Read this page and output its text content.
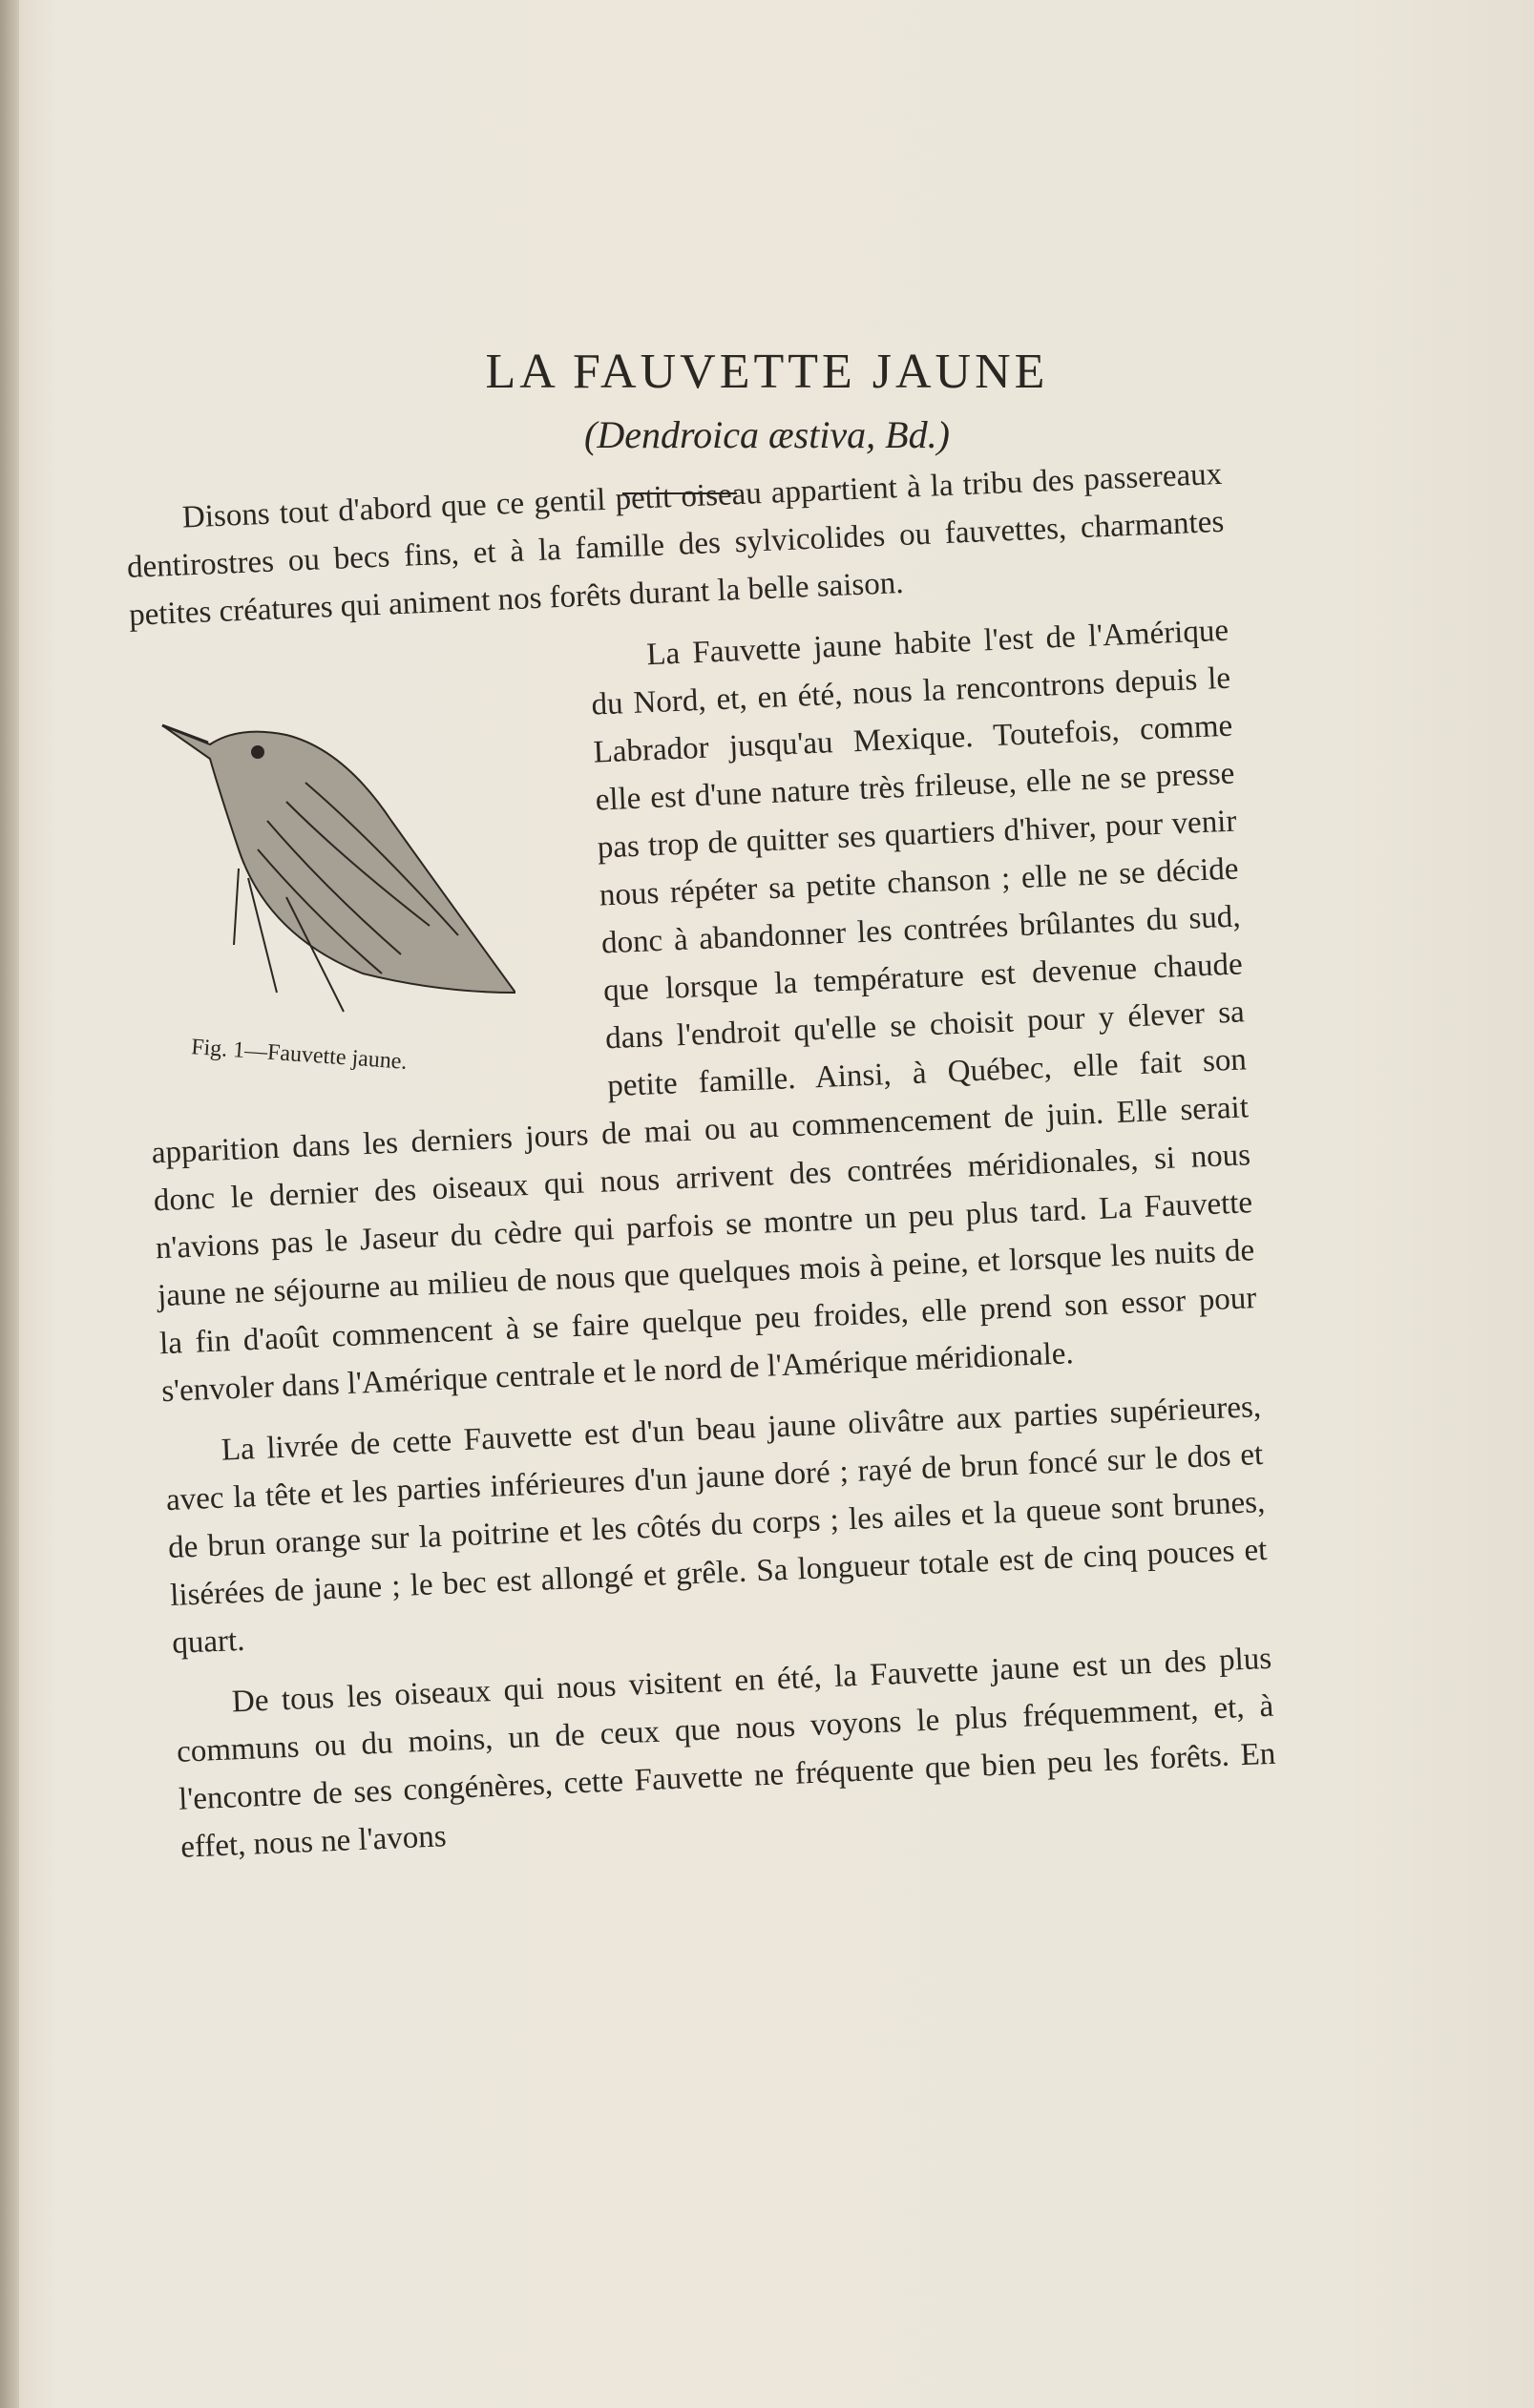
LA FAUVETTE JAUNE
(Dendroica æstiva, Bd.)
Fig. 1—Fauvette jaune.

Disons tout d'abord que ce gentil petit oiseau appartient à la tribu des passereaux dentirostres ou becs fins, et à la famille des sylvicolides ou fauvettes, charmantes petites créatures qui animent nos forêts durant la belle saison.

La Fauvette jaune habite l'est de l'Amérique du Nord, et, en été, nous la rencontrons depuis le Labrador jusqu'au Mexique. Toutefois, comme elle est d'une nature très frileuse, elle ne se presse pas trop de quitter ses quartiers d'hiver, pour venir nous répéter sa petite chanson ; elle ne se décide donc à abandonner les contrées brûlantes du sud, que lorsque la température est devenue chaude dans l'endroit qu'elle se choisit pour y élever sa petite famille. Ainsi, à Québec, elle fait son apparition dans les derniers jours de mai ou au commencement de juin. Elle serait donc le dernier des oiseaux qui nous arrivent des contrées méridionales, si nous n'avions pas le Jaseur du cèdre qui parfois se montre un peu plus tard. La Fauvette jaune ne séjourne au milieu de nous que quelques mois à peine, et lorsque les nuits de la fin d'août commencent à se faire quelque peu froides, elle prend son essor pour s'envoler dans l'Amérique centrale et le nord de l'Amérique méridionale.

La livrée de cette Fauvette est d'un beau jaune olivâtre aux parties supérieures, avec la tête et les parties inférieures d'un jaune doré ; rayé de brun foncé sur le dos et de brun orange sur la poitrine et les côtés du corps ; les ailes et la queue sont brunes, lisérées de jaune ; le bec est allongé et grêle. Sa longueur totale est de cinq pouces et quart.

De tous les oiseaux qui nous visitent en été, la Fauvette jaune est un des plus communs ou du moins, un de ceux que nous voyons le plus fréquemment, et, à l'encontre de ses congénères, cette Fauvette ne fréquente que bien peu les forêts. En effet, nous ne l'avons
